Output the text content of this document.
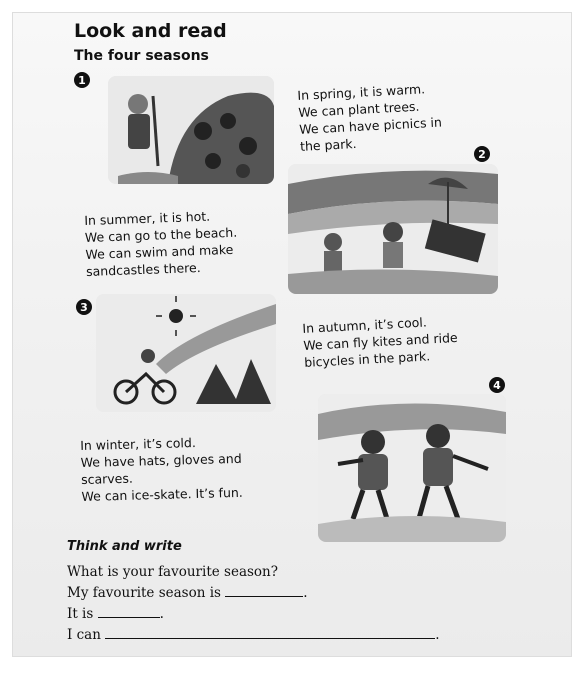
Look and read
The four seasons
1
In spring, it is warm.
We can plant trees.
We can have picnics in
the park.
2
In summer, it is hot.
We can go to the beach.
We can swim and make
sandcastles there.
3
In autumn, it’s cool.
We can fly kites and ride
bicycles in the park.
4
In winter, it’s cold.
We have hats, gloves and
scarves.
We can ice-skate. It’s fun.
Think and write
What is your favourite season?
My favourite season is	.
It is	.
I can	.
